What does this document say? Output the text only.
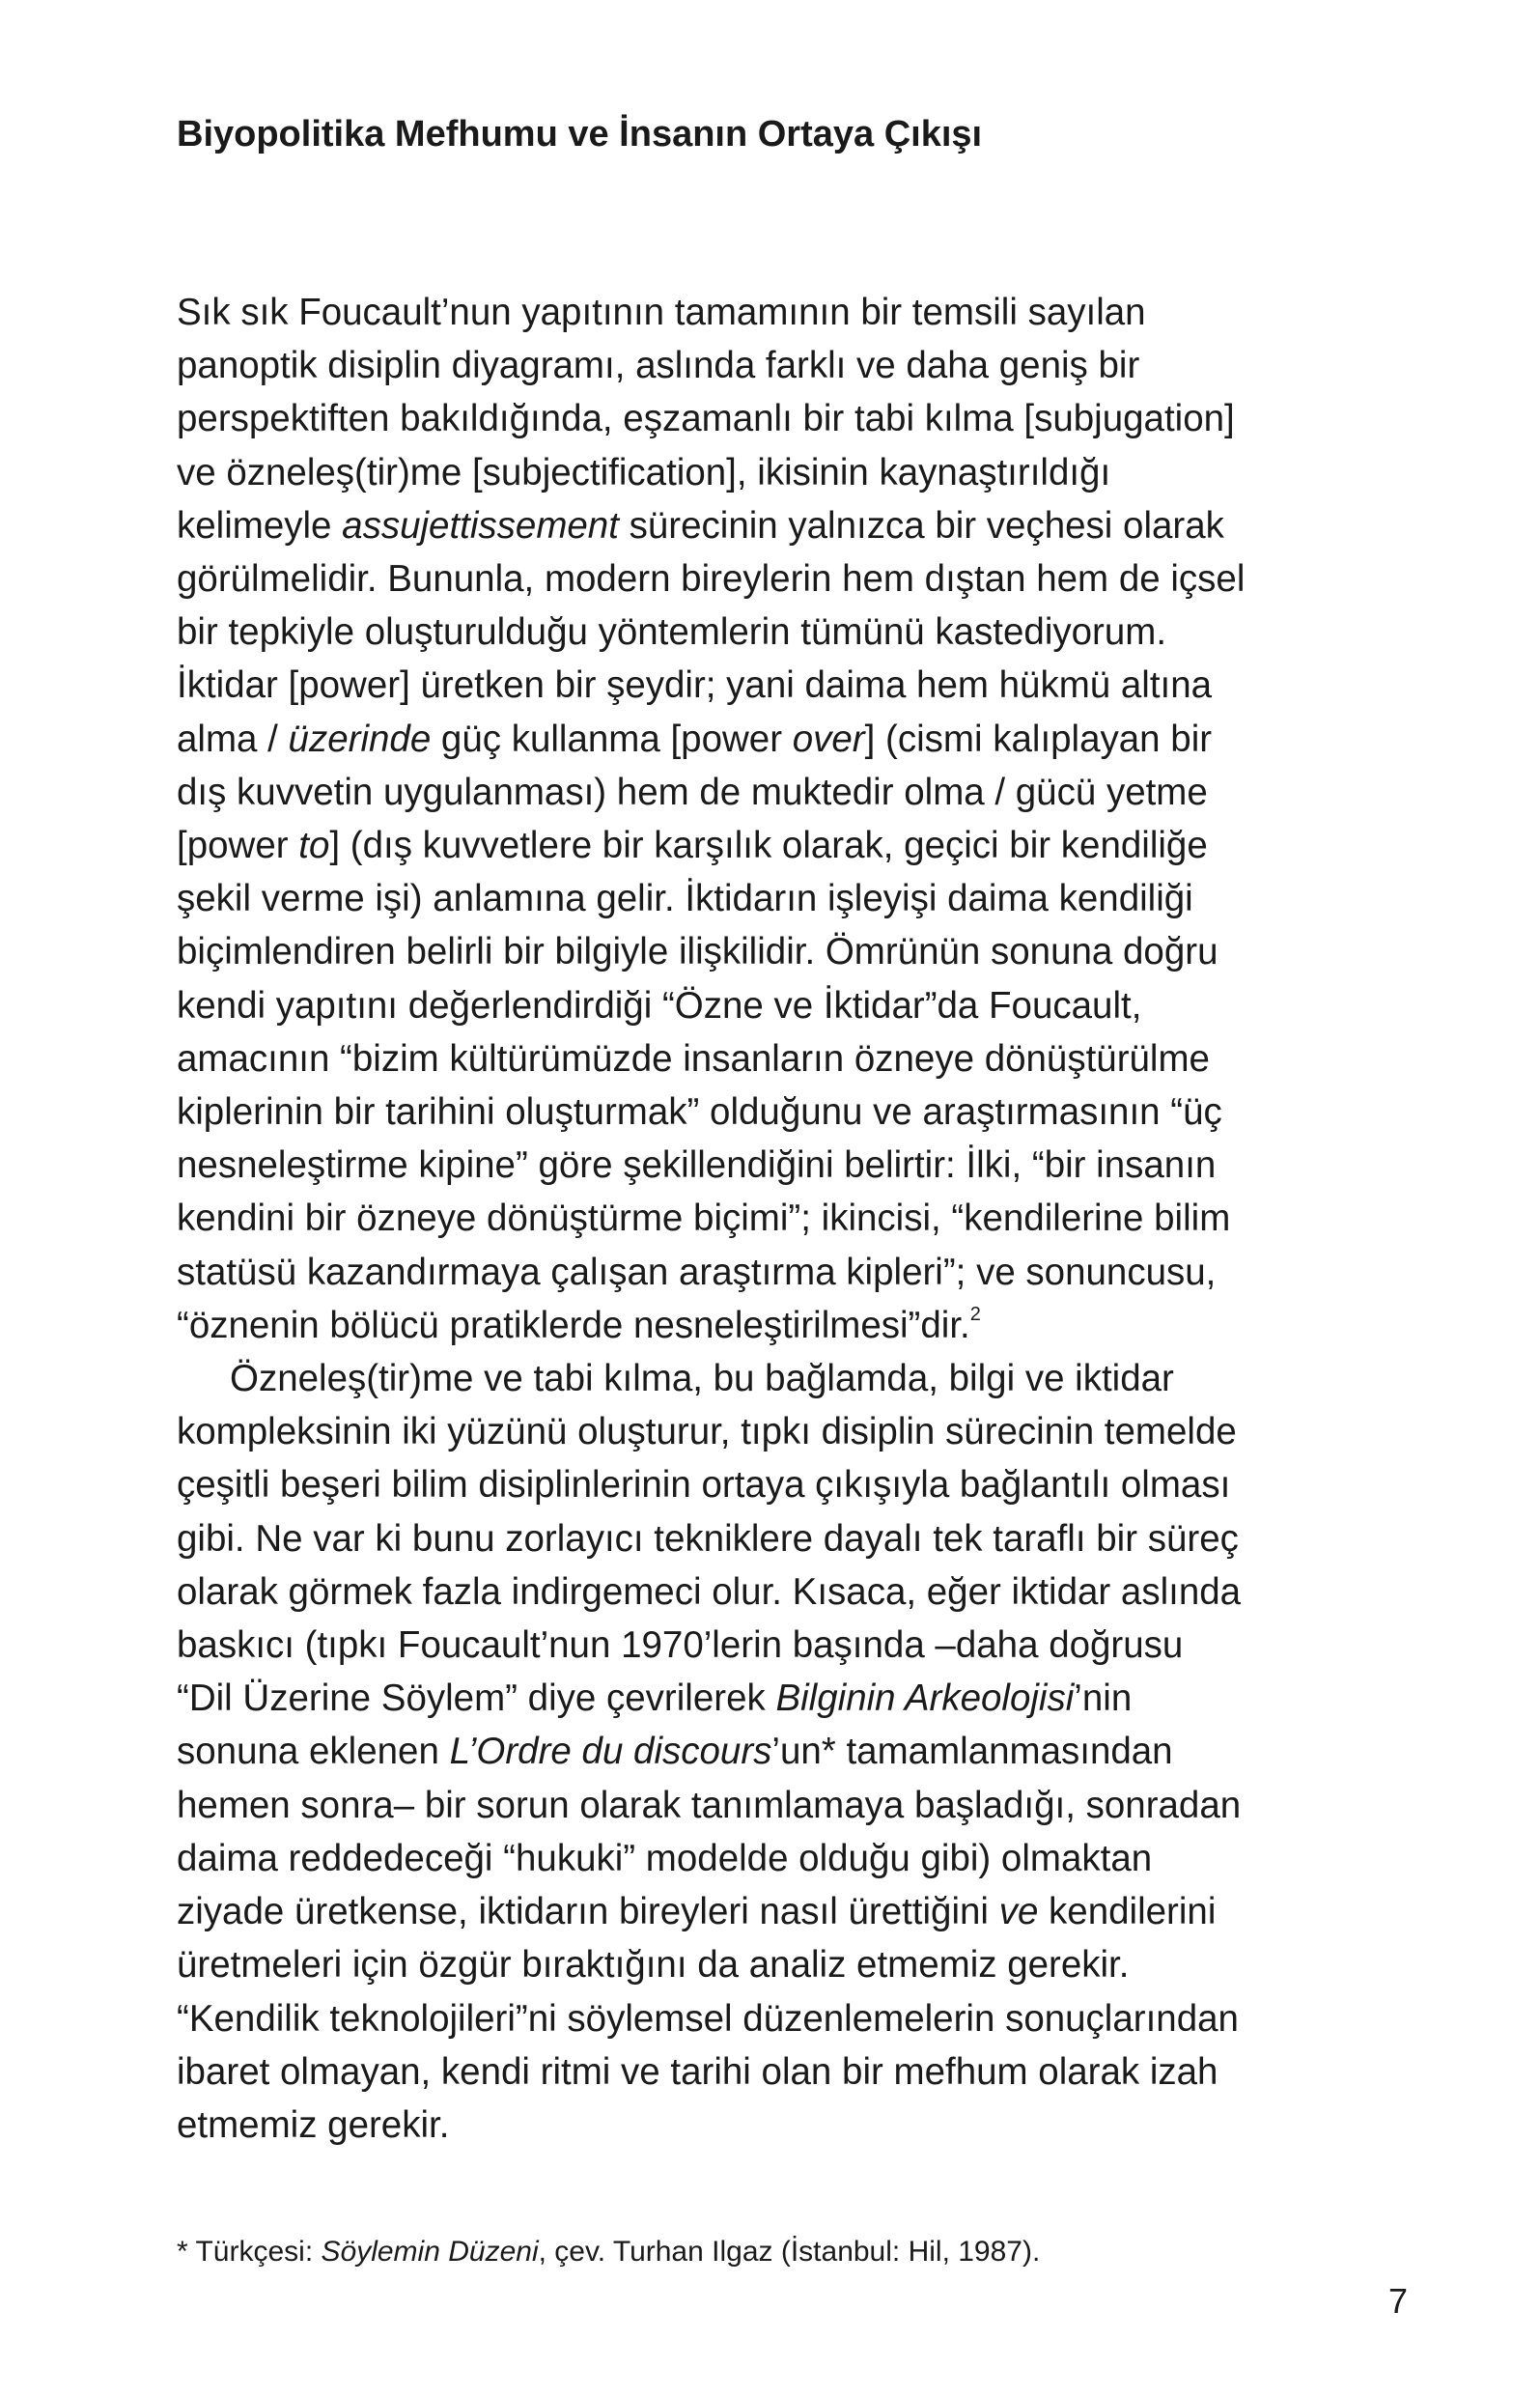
Biyopolitika Mefhumu ve İnsanın Ortaya Çıkışı
Sık sık Foucault’nun yapıtının tamamının bir temsili sayılan
panoptik disiplin diyagramı, aslında farklı ve daha geniş bir
perspektiften bakıldığında, eşzamanlı bir tabi kılma [subjugation]
ve özneleş(tir)me [subjectification], ikisinin kaynaştırıldığı
kelimeyle assujettissement sürecinin yalnızca bir veçhesi olarak
görülmelidir. Bununla, modern bireylerin hem dıştan hem de içsel
bir tepkiyle oluşturulduğu yöntemlerin tümünü kastediyorum.
İktidar [power] üretken bir şeydir; yani daima hem hükmü altına
alma / üzerinde güç kullanma [power over] (cismi kalıplayan bir
dış kuvvetin uygulanması) hem de muktedir olma / gücü yetme
[power to] (dış kuvvetlere bir karşılık olarak, geçici bir kendiliğe
şekil verme işi) anlamına gelir. İktidarın işleyişi daima kendiliği
biçimlendiren belirli bir bilgiyle ilişkilidir. Ömrünün sonuna doğru
kendi yapıtını değerlendirdiği “Özne ve İktidar”da Foucault,
amacının “bizim kültürümüzde insanların özneye dönüştürülme
kiplerinin bir tarihini oluşturmak” olduğunu ve araştırmasının “üç
nesneleştirme kipine” göre şekillendiğini belirtir: İlki, “bir insanın
kendini bir özneye dönüştürme biçimi”; ikincisi, “kendilerine bilim
statüsü kazandırmaya çalışan araştırma kipleri”; ve sonuncusu,
“öznenin bölücü pratiklerde nesneleştirilmesi”dir.$^2$
Özneleş(tir)me ve tabi kılma, bu bağlamda, bilgi ve iktidar
kompleksinin iki yüzünü oluşturur, tıpkı disiplin sürecinin temelde
çeşitli beşeri bilim disiplinlerinin ortaya çıkışıyla bağlantılı olması
gibi. Ne var ki bunu zorlayıcı tekniklere dayalı tek taraflı bir süreç
olarak görmek fazla indirgemeci olur. Kısaca, eğer iktidar aslında
baskıcı (tıpkı Foucault’nun 1970’lerin başında –daha doğrusu
“Dil Üzerine Söylem” diye çevrilerek Bilginin Arkeolojisi’nin
sonuna eklenen L’Ordre du discours’un* tamamlanmasından
hemen sonra– bir sorun olarak tanımlamaya başladığı, sonradan
daima reddedeceği “hukuki” modelde olduğu gibi) olmaktan
ziyade üretkense, iktidarın bireyleri nasıl ürettiğini ve kendilerini
üretmeleri için özgür bıraktığını da analiz etmemiz gerekir.
“Kendilik teknolojileri”ni söylemsel düzenlemelerin sonuçlarından
ibaret olmayan, kendi ritmi ve tarihi olan bir mefhum olarak izah
etmemiz gerekir.
* Türkçesi: Söylemin Düzeni, çev. Turhan Ilgaz (İstanbul: Hil, 1987).
7
